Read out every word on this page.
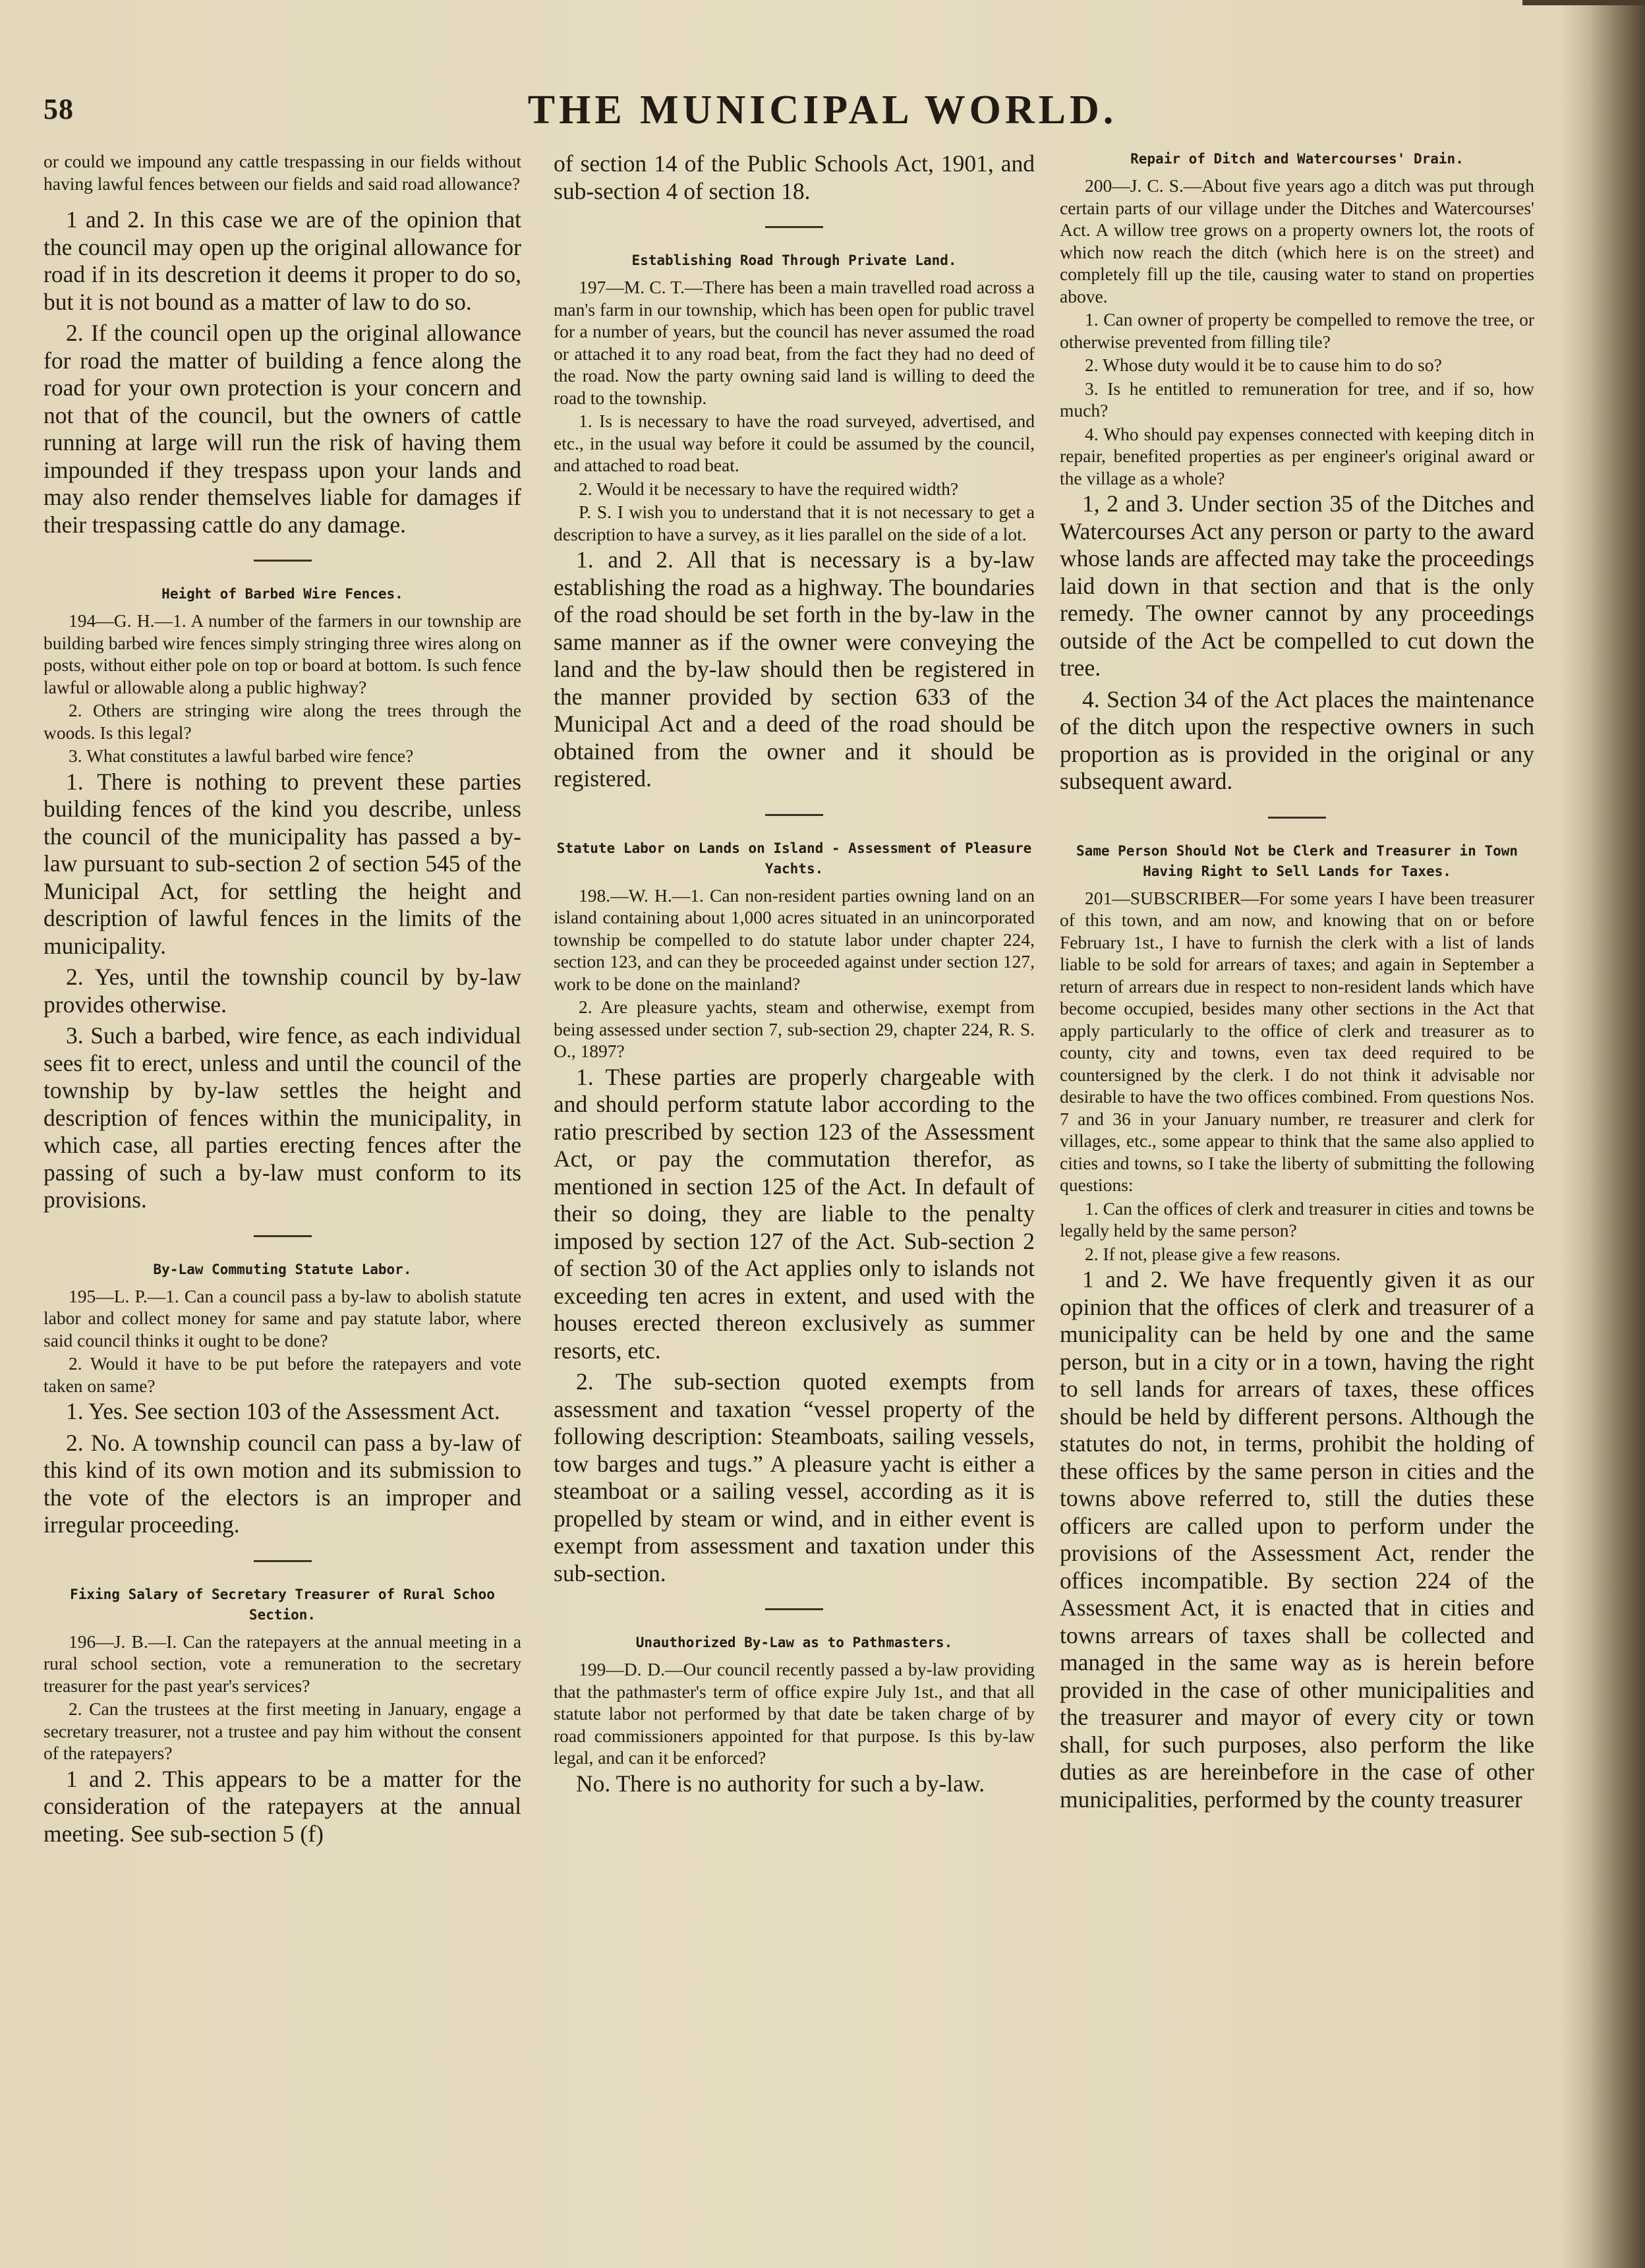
58	THE MUNICIPAL WORLD.

or could we impound any cattle trespassing in our fields without having lawful fences between our fields and said road allowance?

1 and 2. In this case we are of the opinion that the council may open up the original allowance for road if in its descretion it deems it proper to do so, but it is not bound as a matter of law to do so.

2. If the council open up the original allowance for road the matter of building a fence along the road for your own protection is your concern and not that of the council, but the owners of cattle running at large will run the risk of having them impounded if they trespass upon your lands and may also render themselves liable for damages if their trespassing cattle do any damage.

Height of Barbed Wire Fences.

194—G. H.—1. A number of the farmers in our township are building barbed wire fences simply stringing three wires along on posts, without either pole on top or board at bottom. Is such fence lawful or allowable along a public highway?

2. Others are stringing wire along the trees through the woods. Is this legal?

3. What constitutes a lawful barbed wire fence?

1. There is nothing to prevent these parties building fences of the kind you describe, unless the council of the municipality has passed a by-law pursuant to sub-section 2 of section 545 of the Municipal Act, for settling the height and description of lawful fences in the limits of the municipality.

2. Yes, until the township council by by-law provides otherwise.

3. Such a barbed, wire fence, as each individual sees fit to erect, unless and until the council of the township by by-law settles the height and description of fences within the municipality, in which case, all parties erecting fences after the passing of such a by-law must conform to its provisions.

By-Law Commuting Statute Labor.

195—L. P.—1. Can a council pass a by-law to abolish statute labor and collect money for same and pay statute labor, where said council thinks it ought to be done?

2. Would it have to be put before the ratepayers and vote taken on same?

1. Yes. See section 103 of the Assessment Act.

2. No. A township council can pass a by-law of this kind of its own motion and its submission to the vote of the electors is an improper and irregular proceeding.

Fixing Salary of Secretary Treasurer of Rural Schoo Section.

196—J. B.—I. Can the ratepayers at the annual meeting in a rural school section, vote a remuneration to the secretary treasurer for the past year's services?

2. Can the trustees at the first meeting in January, engage a secretary treasurer, not a trustee and pay him without the consent of the ratepayers?

1 and 2. This appears to be a matter for the consideration of the ratepayers at the annual meeting. See sub-section 5 (f)

of section 14 of the Public Schools Act, 1901, and sub-section 4 of section 18.

Establishing Road Through Private Land.

197—M. C. T.—There has been a main travelled road across a man's farm in our township, which has been open for public travel for a number of years, but the council has never assumed the road or attached it to any road beat, from the fact they had no deed of the road. Now the party owning said land is willing to deed the road to the township.

1. Is is necessary to have the road surveyed, advertised, and etc., in the usual way before it could be assumed by the council, and attached to road beat.

2. Would it be necessary to have the required width?

P. S. I wish you to understand that it is not necessary to get a description to have a survey, as it lies parallel on the side of a lot.

1. and 2. All that is necessary is a by-law establishing the road as a highway. The boundaries of the road should be set forth in the by-law in the same manner as if the owner were conveying the land and the by-law should then be registered in the manner provided by section 633 of the Municipal Act and a deed of the road should be obtained from the owner and it should be registered.

Statute Labor on Lands on Island - Assessment of Pleasure Yachts.

198.—W. H.—1. Can non-resident parties owning land on an island containing about 1,000 acres situated in an unincorporated township be compelled to do statute labor under chapter 224, section 123, and can they be proceeded against under section 127, work to be done on the mainland?

2. Are pleasure yachts, steam and otherwise, exempt from being assessed under section 7, sub-section 29, chapter 224, R. S. O., 1897?

1. These parties are properly chargeable with and should perform statute labor according to the ratio prescribed by section 123 of the Assessment Act, or pay the commutation therefor, as mentioned in section 125 of the Act. In default of their so doing, they are liable to the penalty imposed by section 127 of the Act. Sub-section 2 of section 30 of the Act applies only to islands not exceeding ten acres in extent, and used with the houses erected thereon exclusively as summer resorts, etc.

2. The sub-section quoted exempts from assessment and taxation “vessel property of the following description: Steamboats, sailing vessels, tow barges and tugs.” A pleasure yacht is either a steamboat or a sailing vessel, according as it is propelled by steam or wind, and in either event is exempt from assessment and taxation under this sub-section.

Unauthorized By-Law as to Pathmasters.

199—D. D.—Our council recently passed a by-law providing that the pathmaster's term of office expire July 1st., and that all statute labor not performed by that date be taken charge of by road commissioners appointed for that purpose. Is this by-law legal, and can it be enforced?

No. There is no authority for such a by-law.

Repair of Ditch and Watercourses' Drain.

200—J. C. S.—About five years ago a ditch was put through certain parts of our village under the Ditches and Watercourses' Act. A willow tree grows on a property owners lot, the roots of which now reach the ditch (which here is on the street) and completely fill up the tile, causing water to stand on properties above.

1. Can owner of property be compelled to remove the tree, or otherwise prevented from filling tile?

2. Whose duty would it be to cause him to do so?

3. Is he entitled to remuneration for tree, and if so, how much?

4. Who should pay expenses connected with keeping ditch in repair, benefited properties as per engineer's original award or the village as a whole?

1, 2 and 3. Under section 35 of the Ditches and Watercourses Act any person or party to the award whose lands are affected may take the proceedings laid down in that section and that is the only remedy. The owner cannot by any proceedings outside of the Act be compelled to cut down the tree.

4. Section 34 of the Act places the maintenance of the ditch upon the respective owners in such proportion as is provided in the original or any subsequent award.

Same Person Should Not be Clerk and Treasurer in Town Having Right to Sell Lands for Taxes.

201—SUBSCRIBER—For some years I have been treasurer of this town, and am now, and knowing that on or before February 1st., I have to furnish the clerk with a list of lands liable to be sold for arrears of taxes; and again in September a return of arrears due in respect to non-resident lands which have become occupied, besides many other sections in the Act that apply particularly to the office of clerk and treasurer as to county, city and towns, even tax deed required to be countersigned by the clerk. I do not think it advisable nor desirable to have the two offices combined. From questions Nos. 7 and 36 in your January number, re treasurer and clerk for villages, etc., some appear to think that the same also applied to cities and towns, so I take the liberty of submitting the following questions:

1. Can the offices of clerk and treasurer in cities and towns be legally held by the same person?

2. If not, please give a few reasons.

1 and 2. We have frequently given it as our opinion that the offices of clerk and treasurer of a municipality can be held by one and the same person, but in a city or in a town, having the right to sell lands for arrears of taxes, these offices should be held by different persons. Although the statutes do not, in terms, prohibit the holding of these offices by the same person in cities and the towns above referred to, still the duties these officers are called upon to perform under the provisions of the Assessment Act, render the offices incompatible. By section 224 of the Assessment Act, it is enacted that in cities and towns arrears of taxes shall be collected and managed in the same way as is herein before provided in the case of other municipalities and the treasurer and mayor of every city or town shall, for such purposes, also perform the like duties as are hereinbefore in the case of other municipalities, performed by the county treasurer
